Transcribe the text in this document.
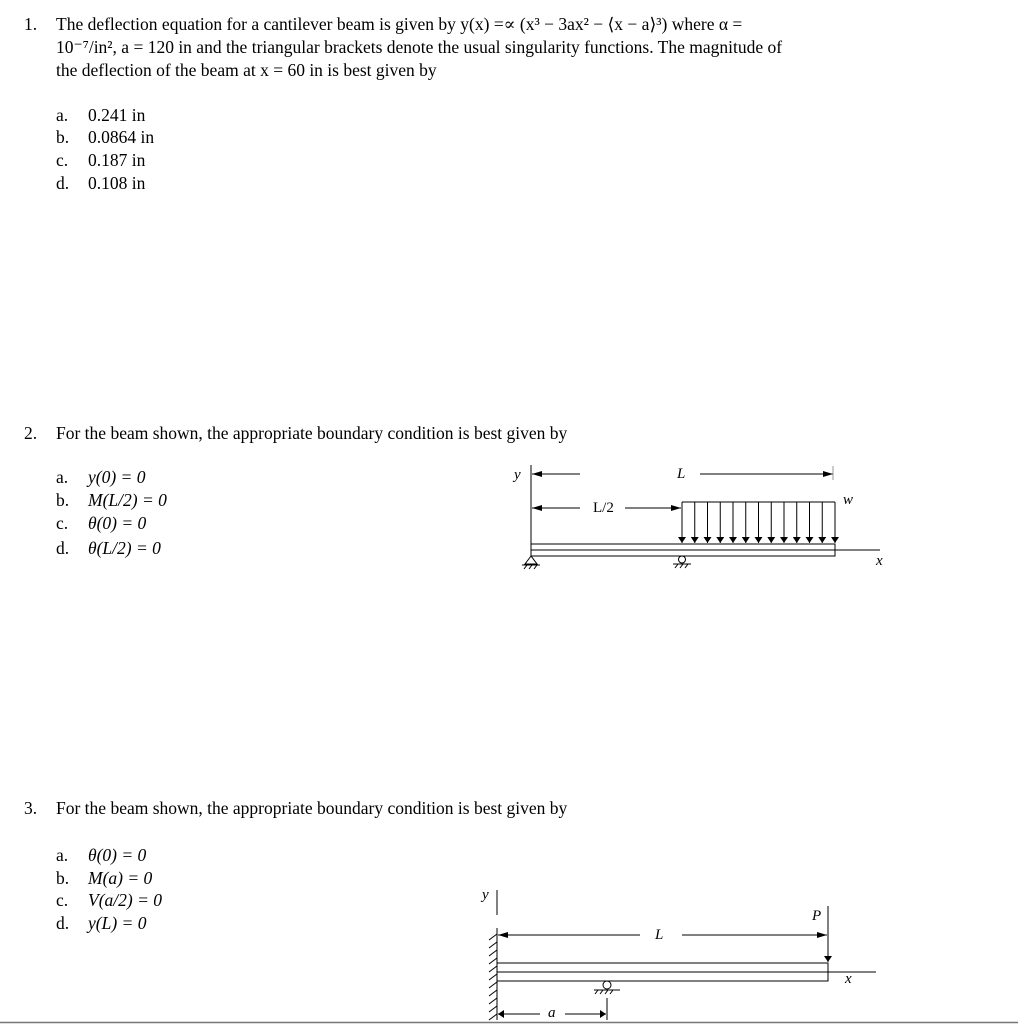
1. The deflection equation for a cantilever beam is given by y(x) =∝ (x³ − 3ax² − ⟨x − a⟩³) where α =
10⁻⁷/in², a = 120 in and the triangular brackets denote the usual singularity functions. The magnitude of
the deflection of the beam at x = 60 in is best given by
a. 0.241 in
b. 0.0864 in
c. 0.187 in
d. 0.108 in
2. For the beam shown, the appropriate boundary condition is best given by
a. y(0) = 0
b. M(L/2) = 0
c. θ(0) = 0
d. θ(L/2) = 0
3. For the beam shown, the appropriate boundary condition is best given by
a. θ(0) = 0
b. M(a) = 0
c. V(a/2) = 0
d. y(L) = 0
y	L
L/2	w
x
y
L
P
x
a
